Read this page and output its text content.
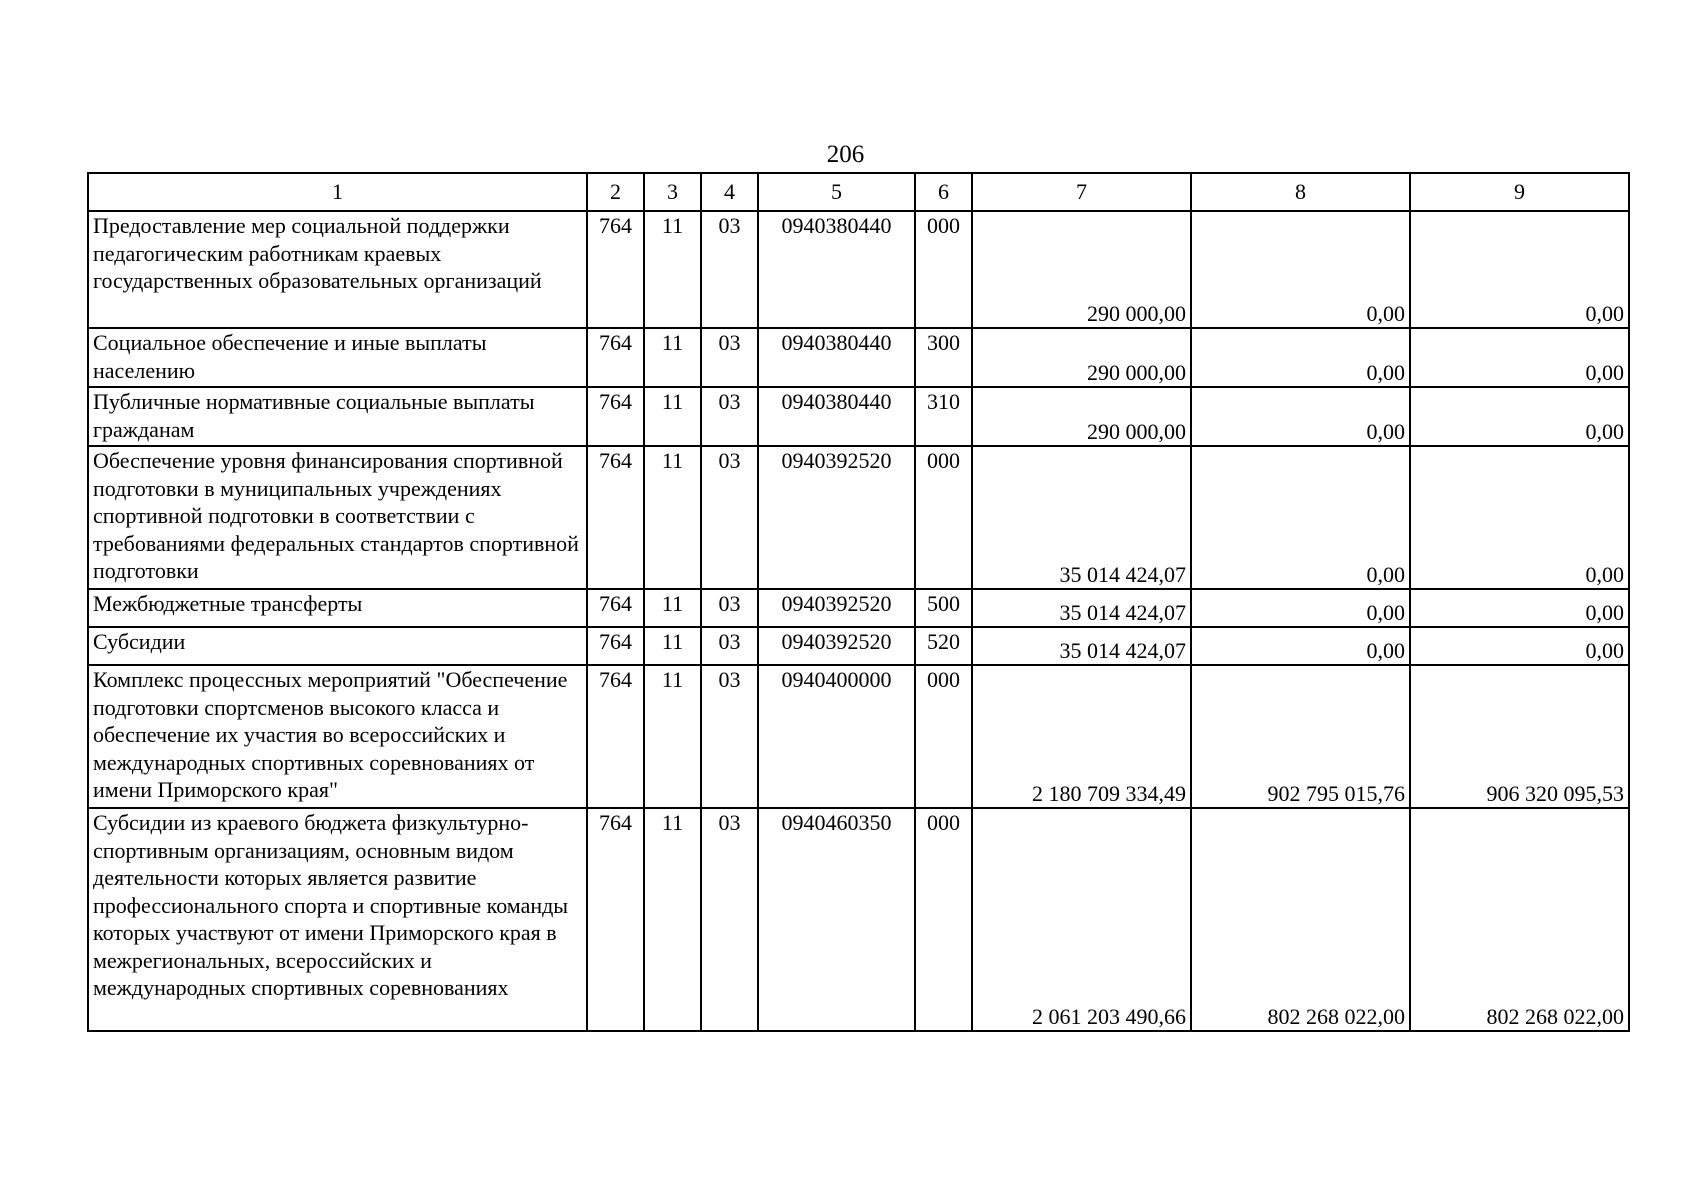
206
1	2	3	4	5	6	7	8	9
Предоставление мер социальной поддержки педагогическим работникам краевых государственных образовательных организаций	764	11	03	0940380440	000	290 000,00	0,00	0,00
Социальное обеспечение и иные выплаты населению	764	11	03	0940380440	300	290 000,00	0,00	0,00
Публичные нормативные социальные выплаты гражданам	764	11	03	0940380440	310	290 000,00	0,00	0,00
Обеспечение уровня финансирования спортивной подготовки в муниципальных учреждениях спортивной подготовки в соответствии с требованиями федеральных стандартов спортивной подготовки	764	11	03	0940392520	000	35 014 424,07	0,00	0,00
Межбюджетные трансферты	764	11	03	0940392520	500	35 014 424,07	0,00	0,00
Субсидии	764	11	03	0940392520	520	35 014 424,07	0,00	0,00
Комплекс процессных мероприятий "Обеспечение подготовки спортсменов высокого класса и обеспечение их участия во всероссийских и международных спортивных соревнованиях от имени Приморского края"	764	11	03	0940400000	000	2 180 709 334,49	902 795 015,76	906 320 095,53
Субсидии из краевого бюджета физкультурно-спортивным организациям, основным видом деятельности которых является развитие профессионального спорта и спортивные команды которых участвуют от имени Приморского края в межрегиональных, всероссийских и международных спортивных соревнованиях	764	11	03	0940460350	000	2 061 203 490,66	802 268 022,00	802 268 022,00
